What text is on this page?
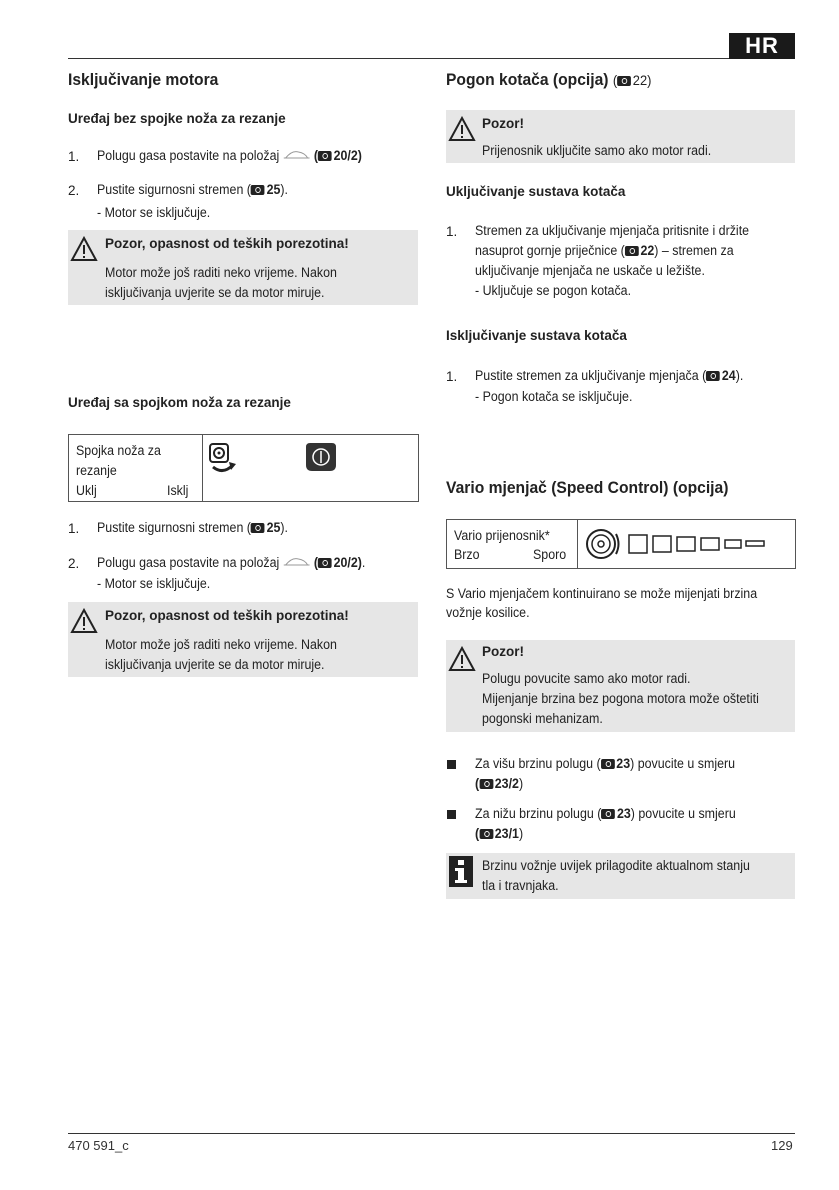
HR
Isključivanje motora
Uređaj bez spojke noža za rezanje
1. Polugu gasa postavite na položaj	( 20/2)
2. Pustite sigurnosni stremen ( 25).
- Motor se isključuje.
Pozor, opasnost od teških porezotina!
Motor može još raditi neko vrijeme. Nakon
isključivanja uvjerite se da motor miruje.
Uređaj sa spojkom noža za rezanje
Spojka noža za
rezanje
Uklj	Isklj
1. Pustite sigurnosni stremen ( 25).
2. Polugu gasa postavite na položaj	( 20/2).
- Motor se isključuje.
Pozor, opasnost od teških porezotina!
Motor može još raditi neko vrijeme. Nakon
isključivanja uvjerite se da motor miruje.
Pogon kotača (opcija) ( 22)
Pozor!
Prijenosnik uključite samo ako motor radi.
Uključivanje sustava kotača
1. Stremen za uključivanje mjenjača pritisnite i držite
nasuprot gornje priječnice ( 22) – stremen za
uključivanje mjenjača ne uskače u ležište.
- Uključuje se pogon kotača.
Isključivanje sustava kotača
1. Pustite stremen za uključivanje mjenjača ( 24).
- Pogon kotača se isključuje.
Vario mjenjač (Speed Control) (opcija)
Vario prijenosnik*
Brzo	Sporo
S Vario mjenjačem kontinuirano se može mijenjati brzina
vožnje kosilice.
Pozor!
Polugu povucite samo ako motor radi.
Mijenjanje brzina bez pogona motora može oštetiti
pogonski mehanizam.
Za višu brzinu polugu ( 23) povucite u smjeru
( 23/2)
Za nižu brzinu polugu ( 23) povucite u smjeru
( 23/1)
Brzinu vožnje uvijek prilagodite aktualnom stanju
tla i travnjaka.
470 591_c	129
